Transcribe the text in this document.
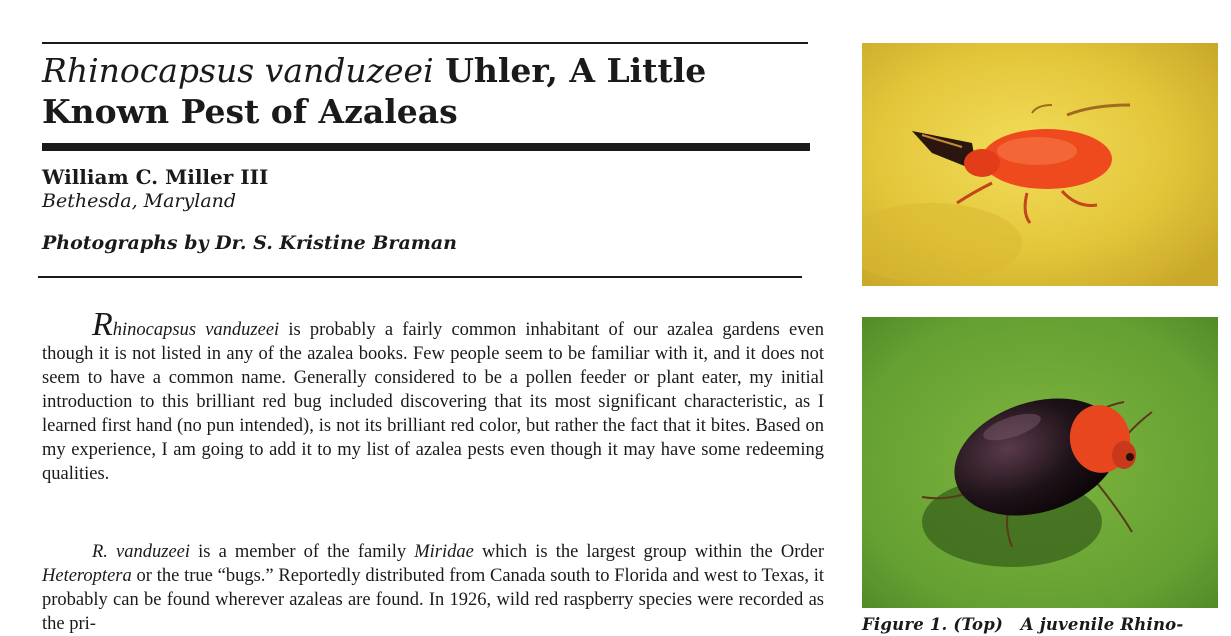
Rhinocapsus vanduzeei Uhler, A Little
Known Pest of Azaleas
William C. Miller III
Bethesda, Maryland
Photographs by Dr. S. Kristine Braman

Rhinocapsus vanduzeei is probably a fairly common inhabitant of our azalea gardens even though it is not listed in any of the azalea books. Few people seem to be familiar with it, and it does not seem to have a common name. Generally considered to be a pollen feeder or plant eater, my initial introduction to this brilliant red bug included discovering that its most significant characteristic, as I learned first hand (no pun intended), is not its brilliant red color, but rather the fact that it bites. Based on my experience, I am going to add it to my list of azalea pests even though it may have some redeeming qualities.

R. vanduzeei is a member of the family Miridae which is the largest group within the Order Heteroptera or the true “bugs.” Reportedly distributed from Canada south to Florida and west to Texas, it probably can be found wherever azaleas are found. In 1926, wild red raspberry species were recorded as the pri-	Figure 1. (Top)   A juvenile Rhino-
